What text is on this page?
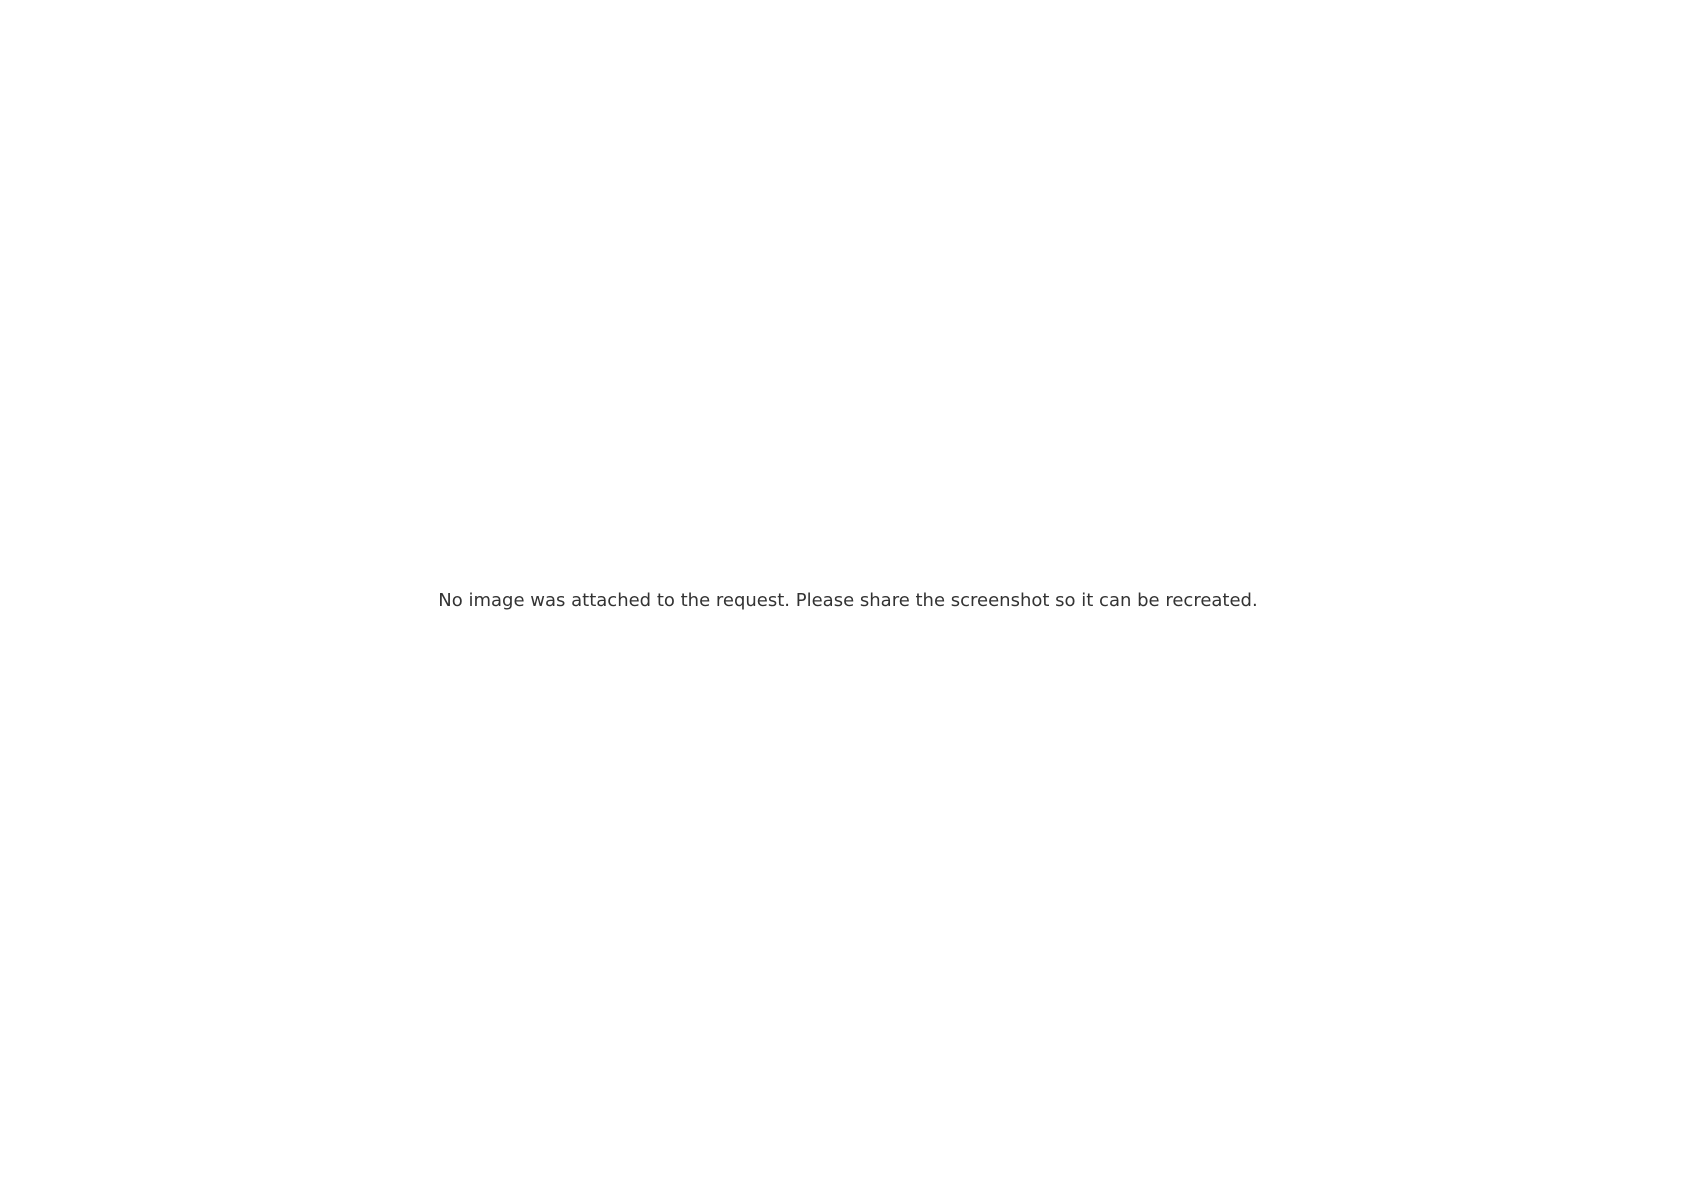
No image was attached to the request. Please share the screenshot so it can be recreated.
